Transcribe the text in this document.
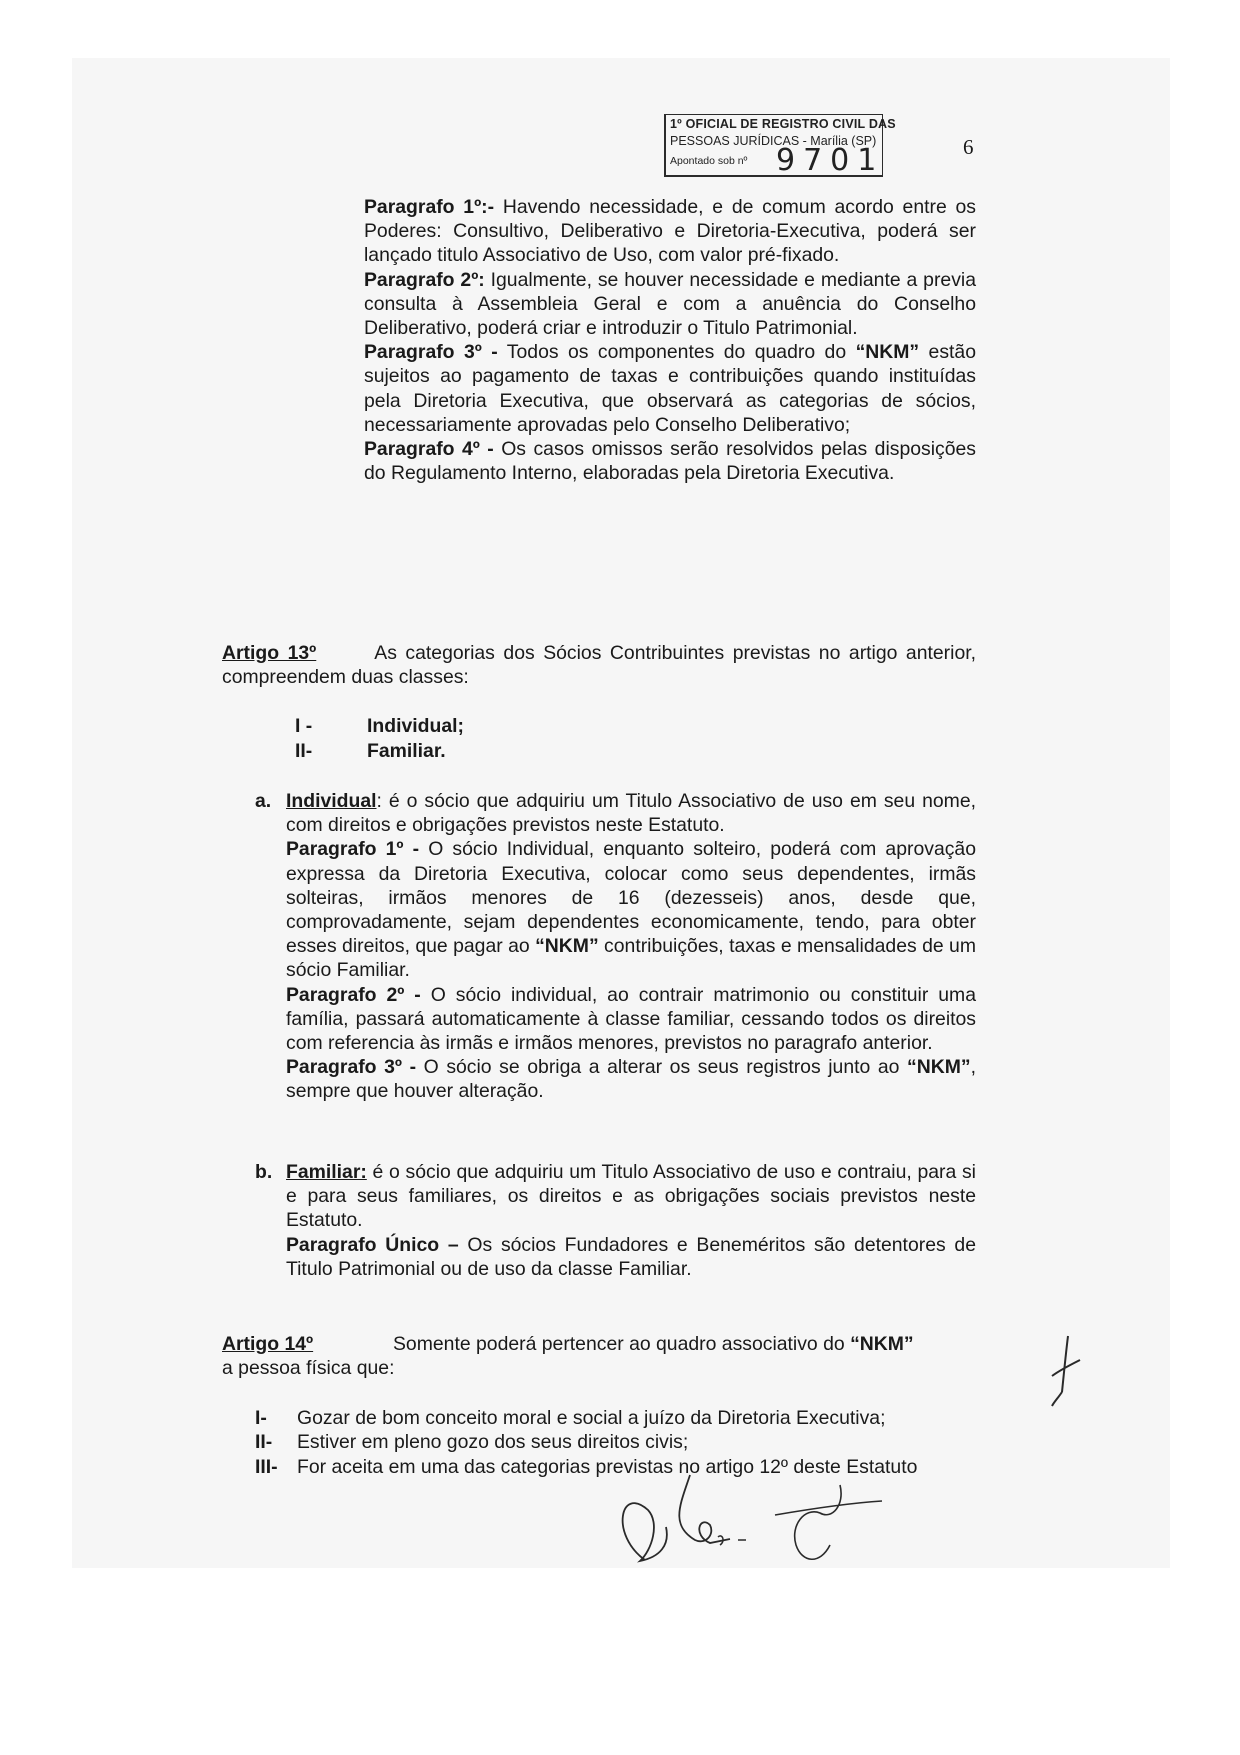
1º OFICIAL DE REGISTRO CIVIL DAS
PESSOAS JURÍDICAS - Marília (SP)
Apontado sob nº 9701	6

Paragrafo 1º:- Havendo necessidade, e de comum acordo entre os Poderes: Consultivo, Deliberativo e Diretoria-Executiva, poderá ser lançado titulo Associativo de Uso, com valor pré-fixado.

Paragrafo 2º: Igualmente, se houver necessidade e mediante a previa consulta à Assembleia Geral e com a anuência do Conselho Deliberativo, poderá criar e introduzir o Titulo Patrimonial.

Paragrafo 3º - Todos os componentes do quadro do “NKM” estão sujeitos ao pagamento de taxas e contribuições quando instituídas pela Diretoria Executiva, que observará as categorias de sócios, necessariamente aprovadas pelo Conselho Deliberativo;

Paragrafo 4º - Os casos omissos serão resolvidos pelas disposições do Regulamento Interno, elaboradas pela Diretoria Executiva.

Artigo 13º	As categorias dos Sócios Contribuintes previstas no artigo anterior, compreendem duas classes:

I -	Individual;
II-	Familiar.
a. Individual: é o sócio que adquiriu um Titulo Associativo de uso em seu nome, com direitos e obrigações previstos neste Estatuto.

Paragrafo 1º - O sócio Individual, enquanto solteiro, poderá com aprovação expressa da Diretoria Executiva, colocar como seus dependentes, irmãs solteiras, irmãos menores de 16 (dezesseis) anos, desde que, comprovadamente, sejam dependentes economicamente, tendo, para obter esses direitos, que pagar ao “NKM” contribuições, taxas e mensalidades de um sócio Familiar.

Paragrafo 2º - O sócio individual, ao contrair matrimonio ou constituir uma família, passará automaticamente à classe familiar, cessando todos os direitos com referencia às irmãs e irmãos menores, previstos no paragrafo anterior.

Paragrafo 3º - O sócio se obriga a alterar os seus registros junto ao “NKM”, sempre que houver alteração.

b. Familiar: é o sócio que adquiriu um Titulo Associativo de uso e contraiu, para si e para seus familiares, os direitos e as obrigações sociais previstos neste Estatuto.

Paragrafo Único – Os sócios Fundadores e Beneméritos são detentores de Titulo Patrimonial ou de uso da classe Familiar.

Artigo 14º	Somente poderá pertencer ao quadro associativo do “NKM”
a pessoa física que:
I- Gozar de bom conceito moral e social a juízo da Diretoria Executiva;
II- Estiver em pleno gozo dos seus direitos civis;
III- For aceita em uma das categorias previstas no artigo 12º deste Estatuto
